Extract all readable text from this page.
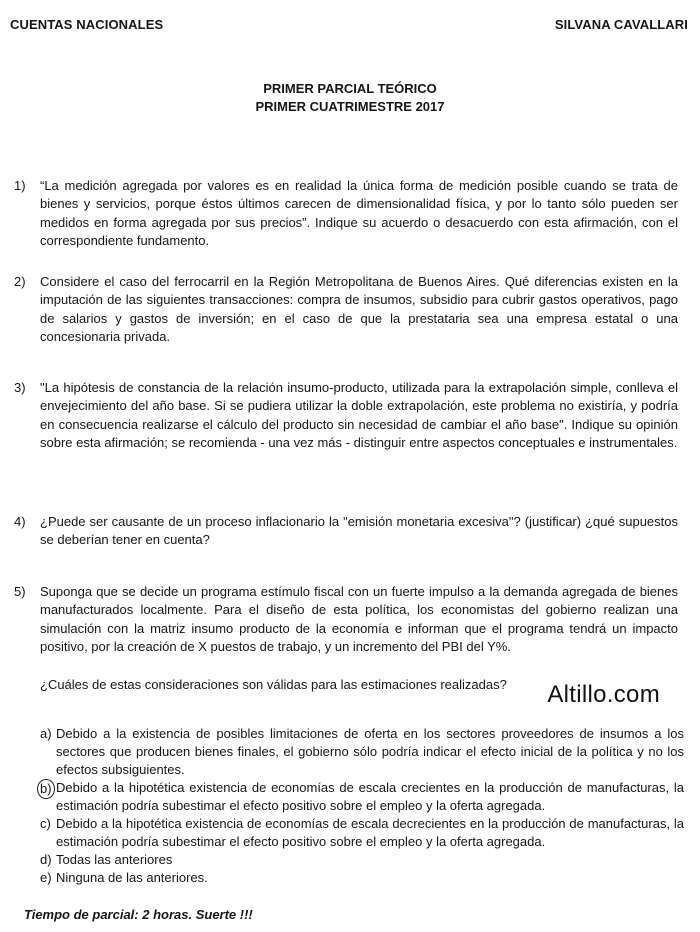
CUENTAS NACIONALES	SILVANA CAVALLARI
PRIMER PARCIAL TEÓRICO
PRIMER CUATRIMESTRE 2017
1)	“La medición agregada por valores es en realidad la única forma de medición posible cuando se trata de bienes y servicios, porque éstos últimos carecen de dimensionalidad física, y por lo tanto sólo pueden ser medidos en forma agregada por sus precios”. Indique su acuerdo o desacuerdo con esta afirmación, con el correspondiente fundamento.
2)	Considere el caso del ferrocarril en la Región Metropolitana de Buenos Aires. Qué diferencias existen en la imputación de las siguientes transacciones: compra de insumos, subsidio para cubrir gastos operativos, pago de salarios y gastos de inversión; en el caso de que la prestataria sea una empresa estatal o una concesionaria privada.
3)	"La hipótesis de constancia de la relación insumo-producto, utilizada para la extrapolación simple, conlleva el envejecimiento del año base. Si se pudiera utilizar la doble extrapolación, este problema no existiría, y podría en consecuencia realizarse el cálculo del producto sin necesidad de cambiar el año base". Indique su opinión sobre esta afirmación; se recomienda - una vez más - distinguir entre aspectos conceptuales e instrumentales.
4)	¿Puede ser causante de un proceso inflacionario la "emisión monetaria excesiva"? (justificar) ¿qué supuestos se deberían tener en cuenta?
5)	Suponga que se decide un programa estímulo fiscal con un fuerte impulso a la demanda agregada de bienes manufacturados localmente. Para el diseño de esta política, los economistas del gobierno realizan una simulación con la matriz insumo producto de la economía e informan que el programa tendrá un impacto positivo, por la creación de X puestos de trabajo, y un incremento del PBI del Y%.
¿Cuáles de estas consideraciones son válidas para las estimaciones realizadas? Altillo.com
a) Debido a la existencia de posibles limitaciones de oferta en los sectores proveedores de insumos a los sectores que producen bienes finales, el gobierno sólo podría indicar el efecto inicial de la política y no los efectos subsiguientes.
b) Debido a la hipotética existencia de economías de escala crecientes en la producción de manufacturas, la estimación podría subestimar el efecto positivo sobre el empleo y la oferta agregada.
c) Debido a la hipotética existencia de economías de escala decrecientes en la producción de manufacturas, la estimación podría subestimar el efecto positivo sobre el empleo y la oferta agregada.
d) Todas las anteriores
e) Ninguna de las anteriores.
Tiempo de parcial: 2 horas. Suerte !!!
